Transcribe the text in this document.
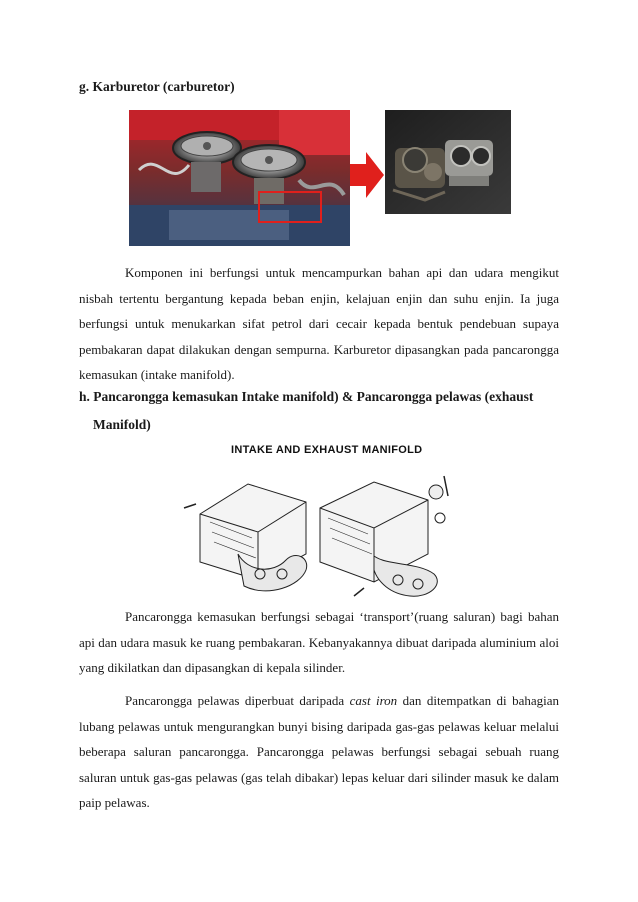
g. Karburetor (carburetor)

Komponen ini berfungsi untuk mencampurkan bahan api dan udara mengikut nisbah tertentu bergantung kepada beban enjin, kelajuan enjin dan suhu enjin. Ia juga berfungsi untuk menukarkan sifat petrol dari cecair kepada bentuk pendebuan supaya pembakaran dapat dilakukan dengan sempurna. Karburetor dipasangkan pada pancarongga kemasukan (intake manifold).

h. Pancarongga kemasukan Intake manifold) & Pancarongga pelawas (exhaust
Manifold)
INTAKE AND EXHAUST MANIFOLD

Pancarongga kemasukan berfungsi sebagai ‘transport’(ruang saluran) bagi bahan api dan udara masuk ke ruang pembakaran. Kebanyakannya dibuat daripada aluminium aloi yang dikilatkan dan dipasangkan di kepala silinder.

Pancarongga pelawas diperbuat daripada cast iron dan ditempatkan di bahagian lubang pelawas untuk mengurangkan bunyi bising daripada gas-gas pelawas keluar melalui beberapa saluran pancarongga. Pancarongga pelawas berfungsi sebagai sebuah ruang saluran untuk gas-gas pelawas (gas telah dibakar) lepas keluar dari silinder masuk ke dalam paip pelawas.
